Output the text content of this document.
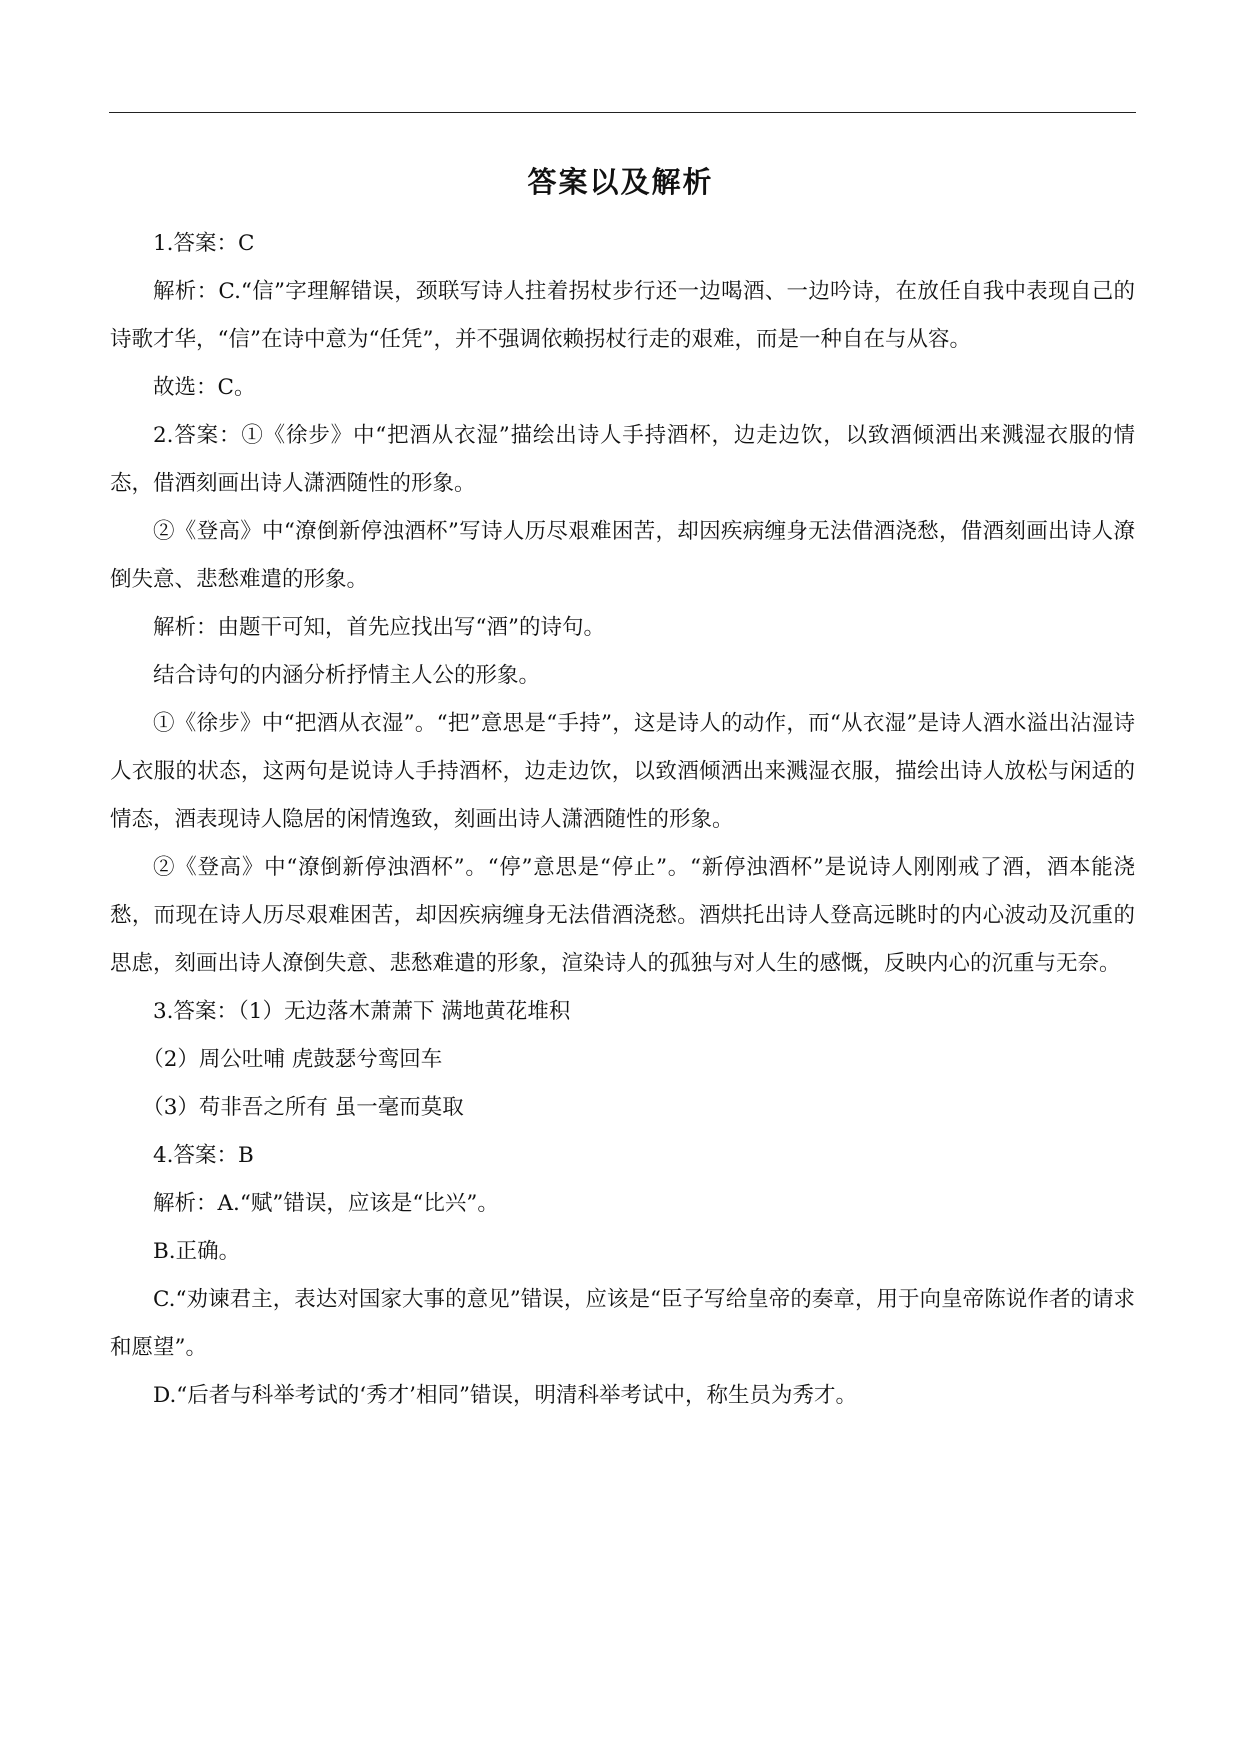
答案以及解析

1.答案：C

解析：C.“信”字理解错误，颈联写诗人拄着拐杖步行还一边喝酒、一边吟诗，在放任自我中表现自己的诗歌才华，“信”在诗中意为“任凭”，并不强调依赖拐杖行走的艰难，而是一种自在与从容。

故选：C。

2.答案：①《徐步》中“把酒从衣湿”描绘出诗人手持酒杯，边走边饮，以致酒倾洒出来溅湿衣服的情态，借酒刻画出诗人潇洒随性的形象。

②《登高》中“潦倒新停浊酒杯”写诗人历尽艰难困苦，却因疾病缠身无法借酒浇愁，借酒刻画出诗人潦倒失意、悲愁难遣的形象。

解析：由题干可知，首先应找出写“酒”的诗句。

结合诗句的内涵分析抒情主人公的形象。

①《徐步》中“把酒从衣湿”。“把”意思是“手持”，这是诗人的动作，而“从衣湿”是诗人酒水溢出沾湿诗人衣服的状态，这两句是说诗人手持酒杯，边走边饮，以致酒倾洒出来溅湿衣服，描绘出诗人放松与闲适的情态，酒表现诗人隐居的闲情逸致，刻画出诗人潇洒随性的形象。

②《登高》中“潦倒新停浊酒杯”。“停”意思是“停止”。“新停浊酒杯”是说诗人刚刚戒了酒，酒本能浇愁，而现在诗人历尽艰难困苦，却因疾病缠身无法借酒浇愁。酒烘托出诗人登高远眺时的内心波动及沉重的思虑，刻画出诗人潦倒失意、悲愁难遣的形象，渲染诗人的孤独与对人生的感慨，反映内心的沉重与无奈。

3.答案：（1）无边落木萧萧下 满地黄花堆积

（2）周公吐哺 虎鼓瑟兮鸾回车

（3）苟非吾之所有 虽一毫而莫取

4.答案：B

解析：A.“赋”错误，应该是“比兴”。

B.正确。

C.“劝谏君主，表达对国家大事的意见”错误，应该是“臣子写给皇帝的奏章，用于向皇帝陈说作者的请求和愿望”。

D.“后者与科举考试的‘秀才’相同”错误，明清科举考试中，称生员为秀才。
